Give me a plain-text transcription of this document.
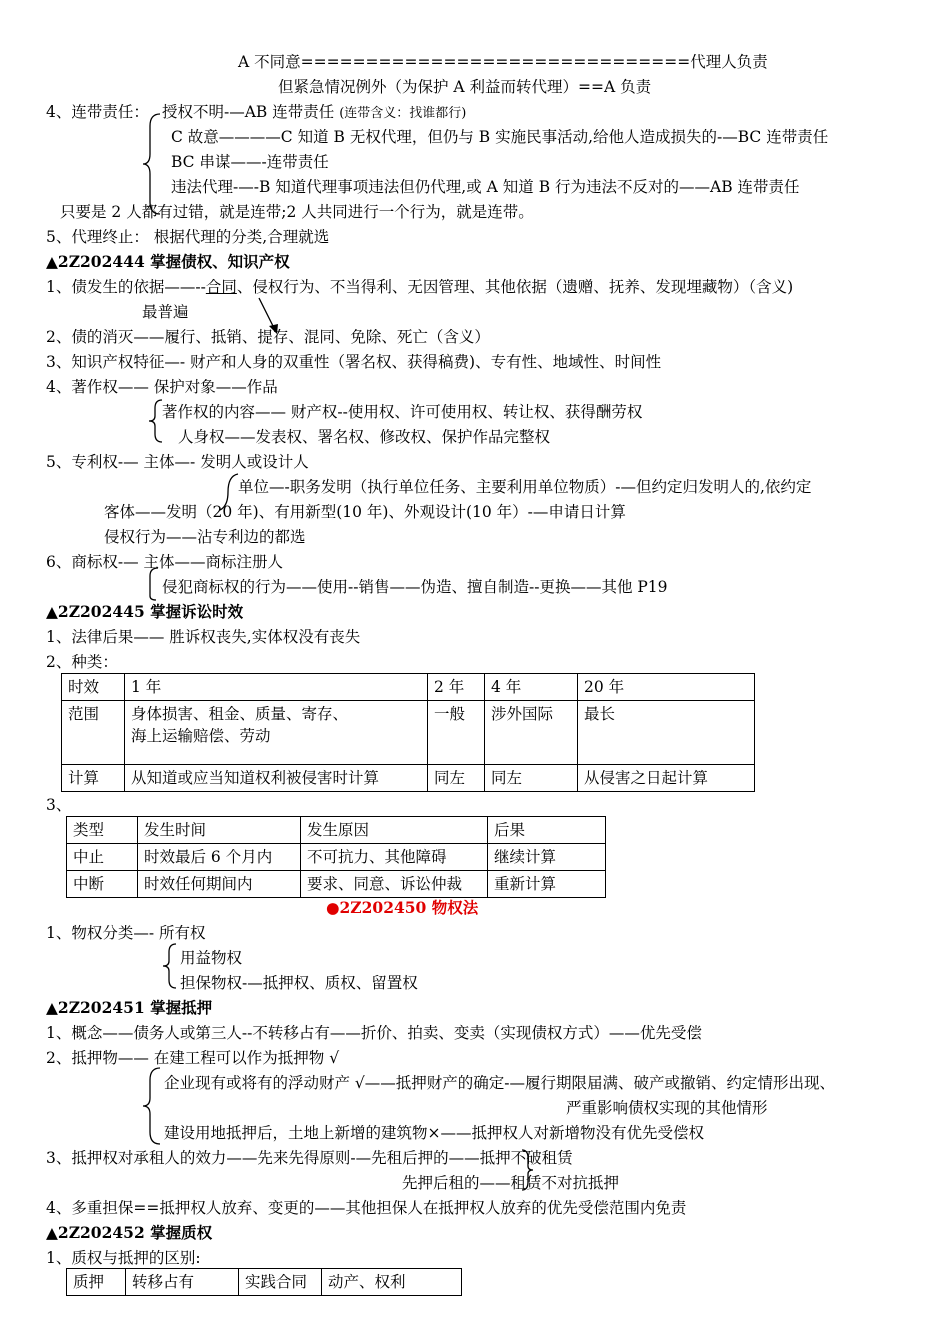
A 不同意==============================代理人负责
但紧急情况例外（为保护 A 利益而转代理）==A 负责
4、连带责任： 授权不明-—AB 连带责任 (连带含义：找谁都行)
C 故意————C 知道 B 无权代理，但仍与 B 实施民事活动,给他人造成损失的-—BC 连带责任
BC 串谋——-连带责任
违法代理-—-B 知道代理事项违法但仍代理,或 A 知道 B 行为违法不反对的——AB 连带责任
只要是 2 人都有过错，就是连带;2 人共同进行一个行为，就是连带。
5、代理终止： 根据代理的分类,合理就选
▲2Z202444 掌握债权、知识产权
1、债发生的依据——--合同、侵权行为、不当得利、无因管理、其他依据（遗赠、抚养、发现埋藏物）（含义)
最普遍
2、债的消灭——履行、抵销、提存、混同、免除、死亡（含义）
3、知识产权特征—- 财产和人身的双重性（署名权、获得稿费)、专有性、地域性、时间性
4、著作权—— 保护对象——作品
著作权的内容—— 财产权--使用权、许可使用权、转让权、获得酬劳权
人身权——发表权、署名权、修改权、保护作品完整权
5、专利权-— 主体—- 发明人或设计人
单位—-职务发明（执行单位任务、主要利用单位物质）-—但约定归发明人的,依约定
客体——发明（20 年)、有用新型(10 年)、外观设计(10 年）-—申请日计算
侵权行为——沾专利边的都选
6、商标权-— 主体——商标注册人
侵犯商标权的行为——使用--销售——伪造、擅自制造--更换——其他 P19
▲2Z202445 掌握诉讼时效
1、法律后果—— 胜诉权丧失,实体权没有丧失
2、种类：
时效	1 年	2 年	4 年	20 年
范围	身体损害、租金、质量、寄存、
海上运输赔偿、劳动	一般	涉外国际	最长
计算	从知道或应当知道权利被侵害时计算	同左	同左	从侵害之日起计算
3、
类型	发生时间	发生原因	后果
中止	时效最后 6 个月内	不可抗力、其他障碍	继续计算
中断	时效任何期间内	要求、同意、诉讼仲裁	重新计算
●2Z202450 物权法
1、物权分类—- 所有权
用益物权
担保物权-—抵押权、质权、留置权
▲2Z202451 掌握抵押
1、概念——债务人或第三人--不转移占有——折价、拍卖、变卖（实现债权方式）——优先受偿
2、抵押物—— 在建工程可以作为抵押物 √
企业现有或将有的浮动财产 √——抵押财产的确定-—履行期限届满、破产或撤销、约定情形出现、
严重影响债权实现的其他情形
建设用地抵押后，土地上新增的建筑物×——抵押权人对新增物没有优先受偿权
3、抵押权对承租人的效力——先来先得原则-—先租后押的——抵押不破租赁
先押后租的——租赁不对抗抵押
4、多重担保==抵押权人放弃、变更的——其他担保人在抵押权人放弃的优先受偿范围内免责
▲2Z202452 掌握质权
1、质权与抵押的区别:
质押	转移占有	实践合同	动产、权利
